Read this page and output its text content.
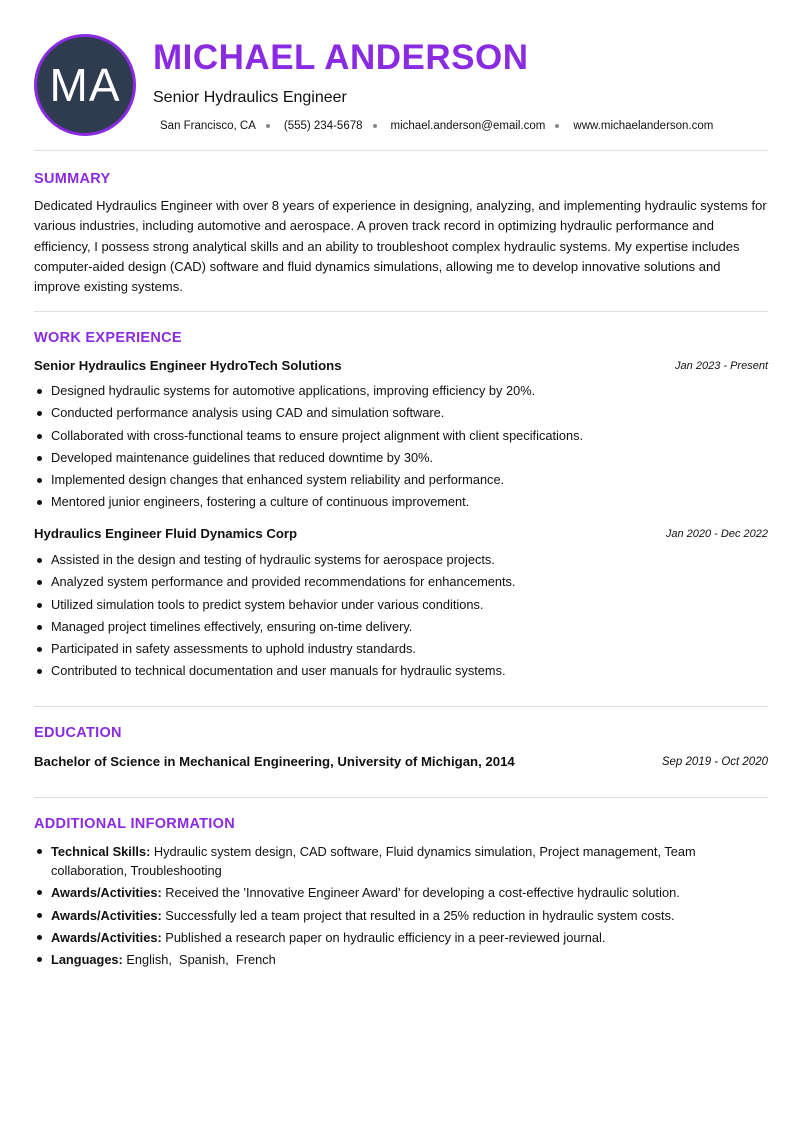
MA
MICHAEL ANDERSON
Senior Hydraulics Engineer
San Francisco, CA (555) 234-5678 michael.anderson@email.com www.michaelanderson.com
SUMMARY

Dedicated Hydraulics Engineer with over 8 years of experience in designing, analyzing, and implementing hydraulic systems for various industries, including automotive and aerospace. A proven track record in optimizing hydraulic performance and efficiency, I possess strong analytical skills and an ability to troubleshoot complex hydraulic systems. My expertise includes computer-aided design (CAD) software and fluid dynamics simulations, allowing me to develop innovative solutions and improve existing systems.

WORK EXPERIENCE
Senior Hydraulics Engineer HydroTech Solutions	Jan 2023 - Present
Designed hydraulic systems for automotive applications, improving efficiency by 20%.
Conducted performance analysis using CAD and simulation software.
Collaborated with cross-functional teams to ensure project alignment with client specifications.
Developed maintenance guidelines that reduced downtime by 30%.
Implemented design changes that enhanced system reliability and performance.
Mentored junior engineers, fostering a culture of continuous improvement.
Hydraulics Engineer Fluid Dynamics Corp	Jan 2020 - Dec 2022
Assisted in the design and testing of hydraulic systems for aerospace projects.
Analyzed system performance and provided recommendations for enhancements.
Utilized simulation tools to predict system behavior under various conditions.
Managed project timelines effectively, ensuring on-time delivery.
Participated in safety assessments to uphold industry standards.
Contributed to technical documentation and user manuals for hydraulic systems.
EDUCATION
Bachelor of Science in Mechanical Engineering, University of Michigan, 2014	Sep 2019 - Oct 2020
ADDITIONAL INFORMATION
Technical Skills: Hydraulic system design, CAD software, Fluid dynamics simulation, Project management, Team collaboration, Troubleshooting
Awards/Activities: Received the 'Innovative Engineer Award' for developing a cost-effective hydraulic solution.
Awards/Activities: Successfully led a team project that resulted in a 25% reduction in hydraulic system costs.
Awards/Activities: Published a research paper on hydraulic efficiency in a peer-reviewed journal.
Languages: English,  Spanish,  French
